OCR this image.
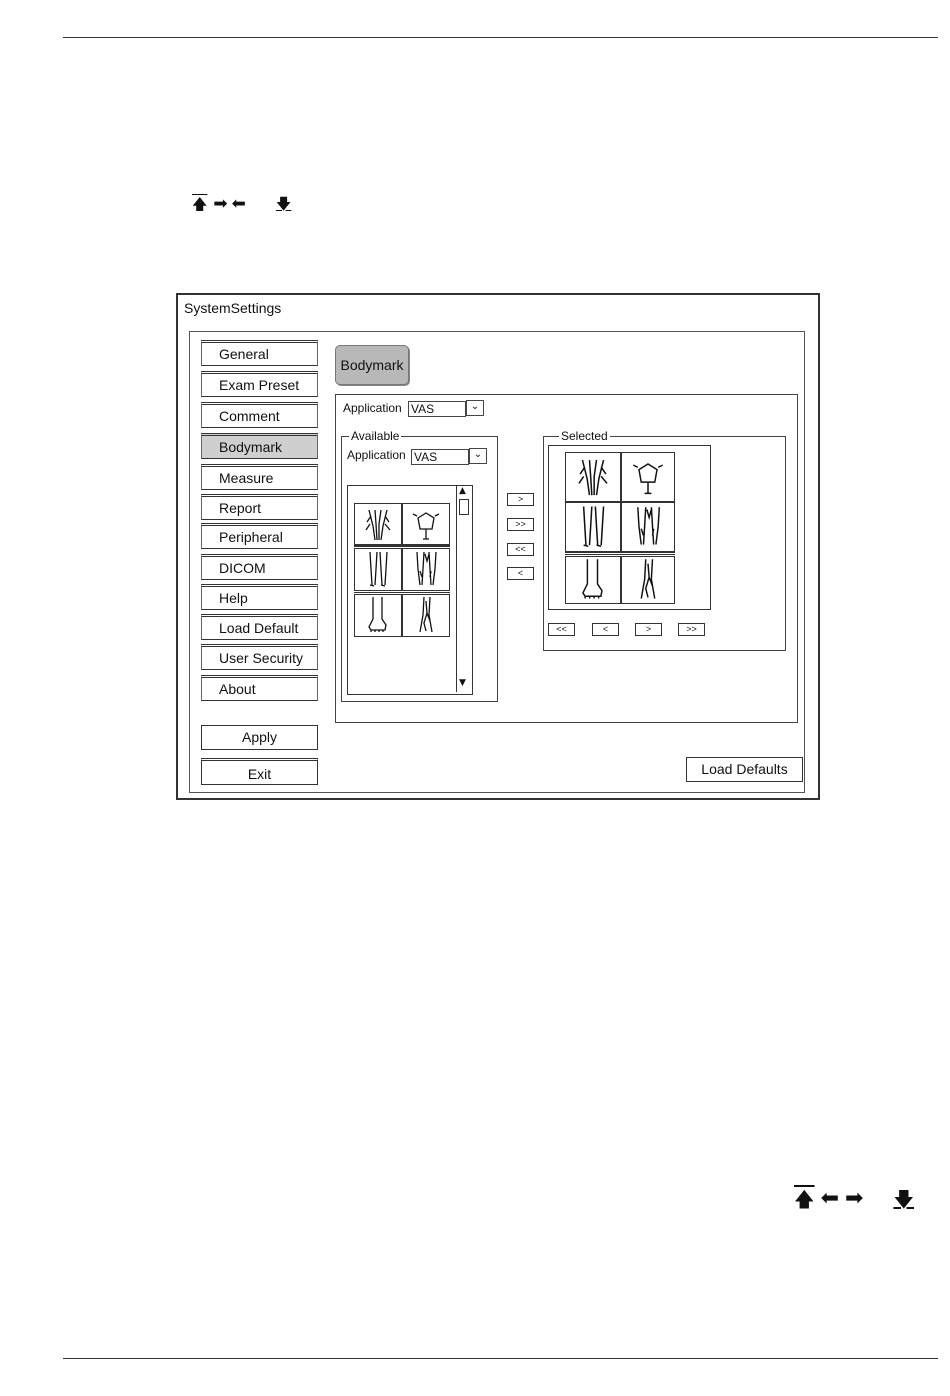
🡅 ➡ ⬅ 🡇
SystemSettings
General
Exam Preset
Comment
Bodymark
Measure
Report
Peripheral
DICOM
Help
Load Default
User Security
About
Apply
Exit
Bodymark
Application VAS	⌄
Available
Application VAS	⌄
▲
▼
>
>>
<<
<
Selected
<<	<	>	>>
Load Defaults
🡅 ⬅ ➡ 🡇
